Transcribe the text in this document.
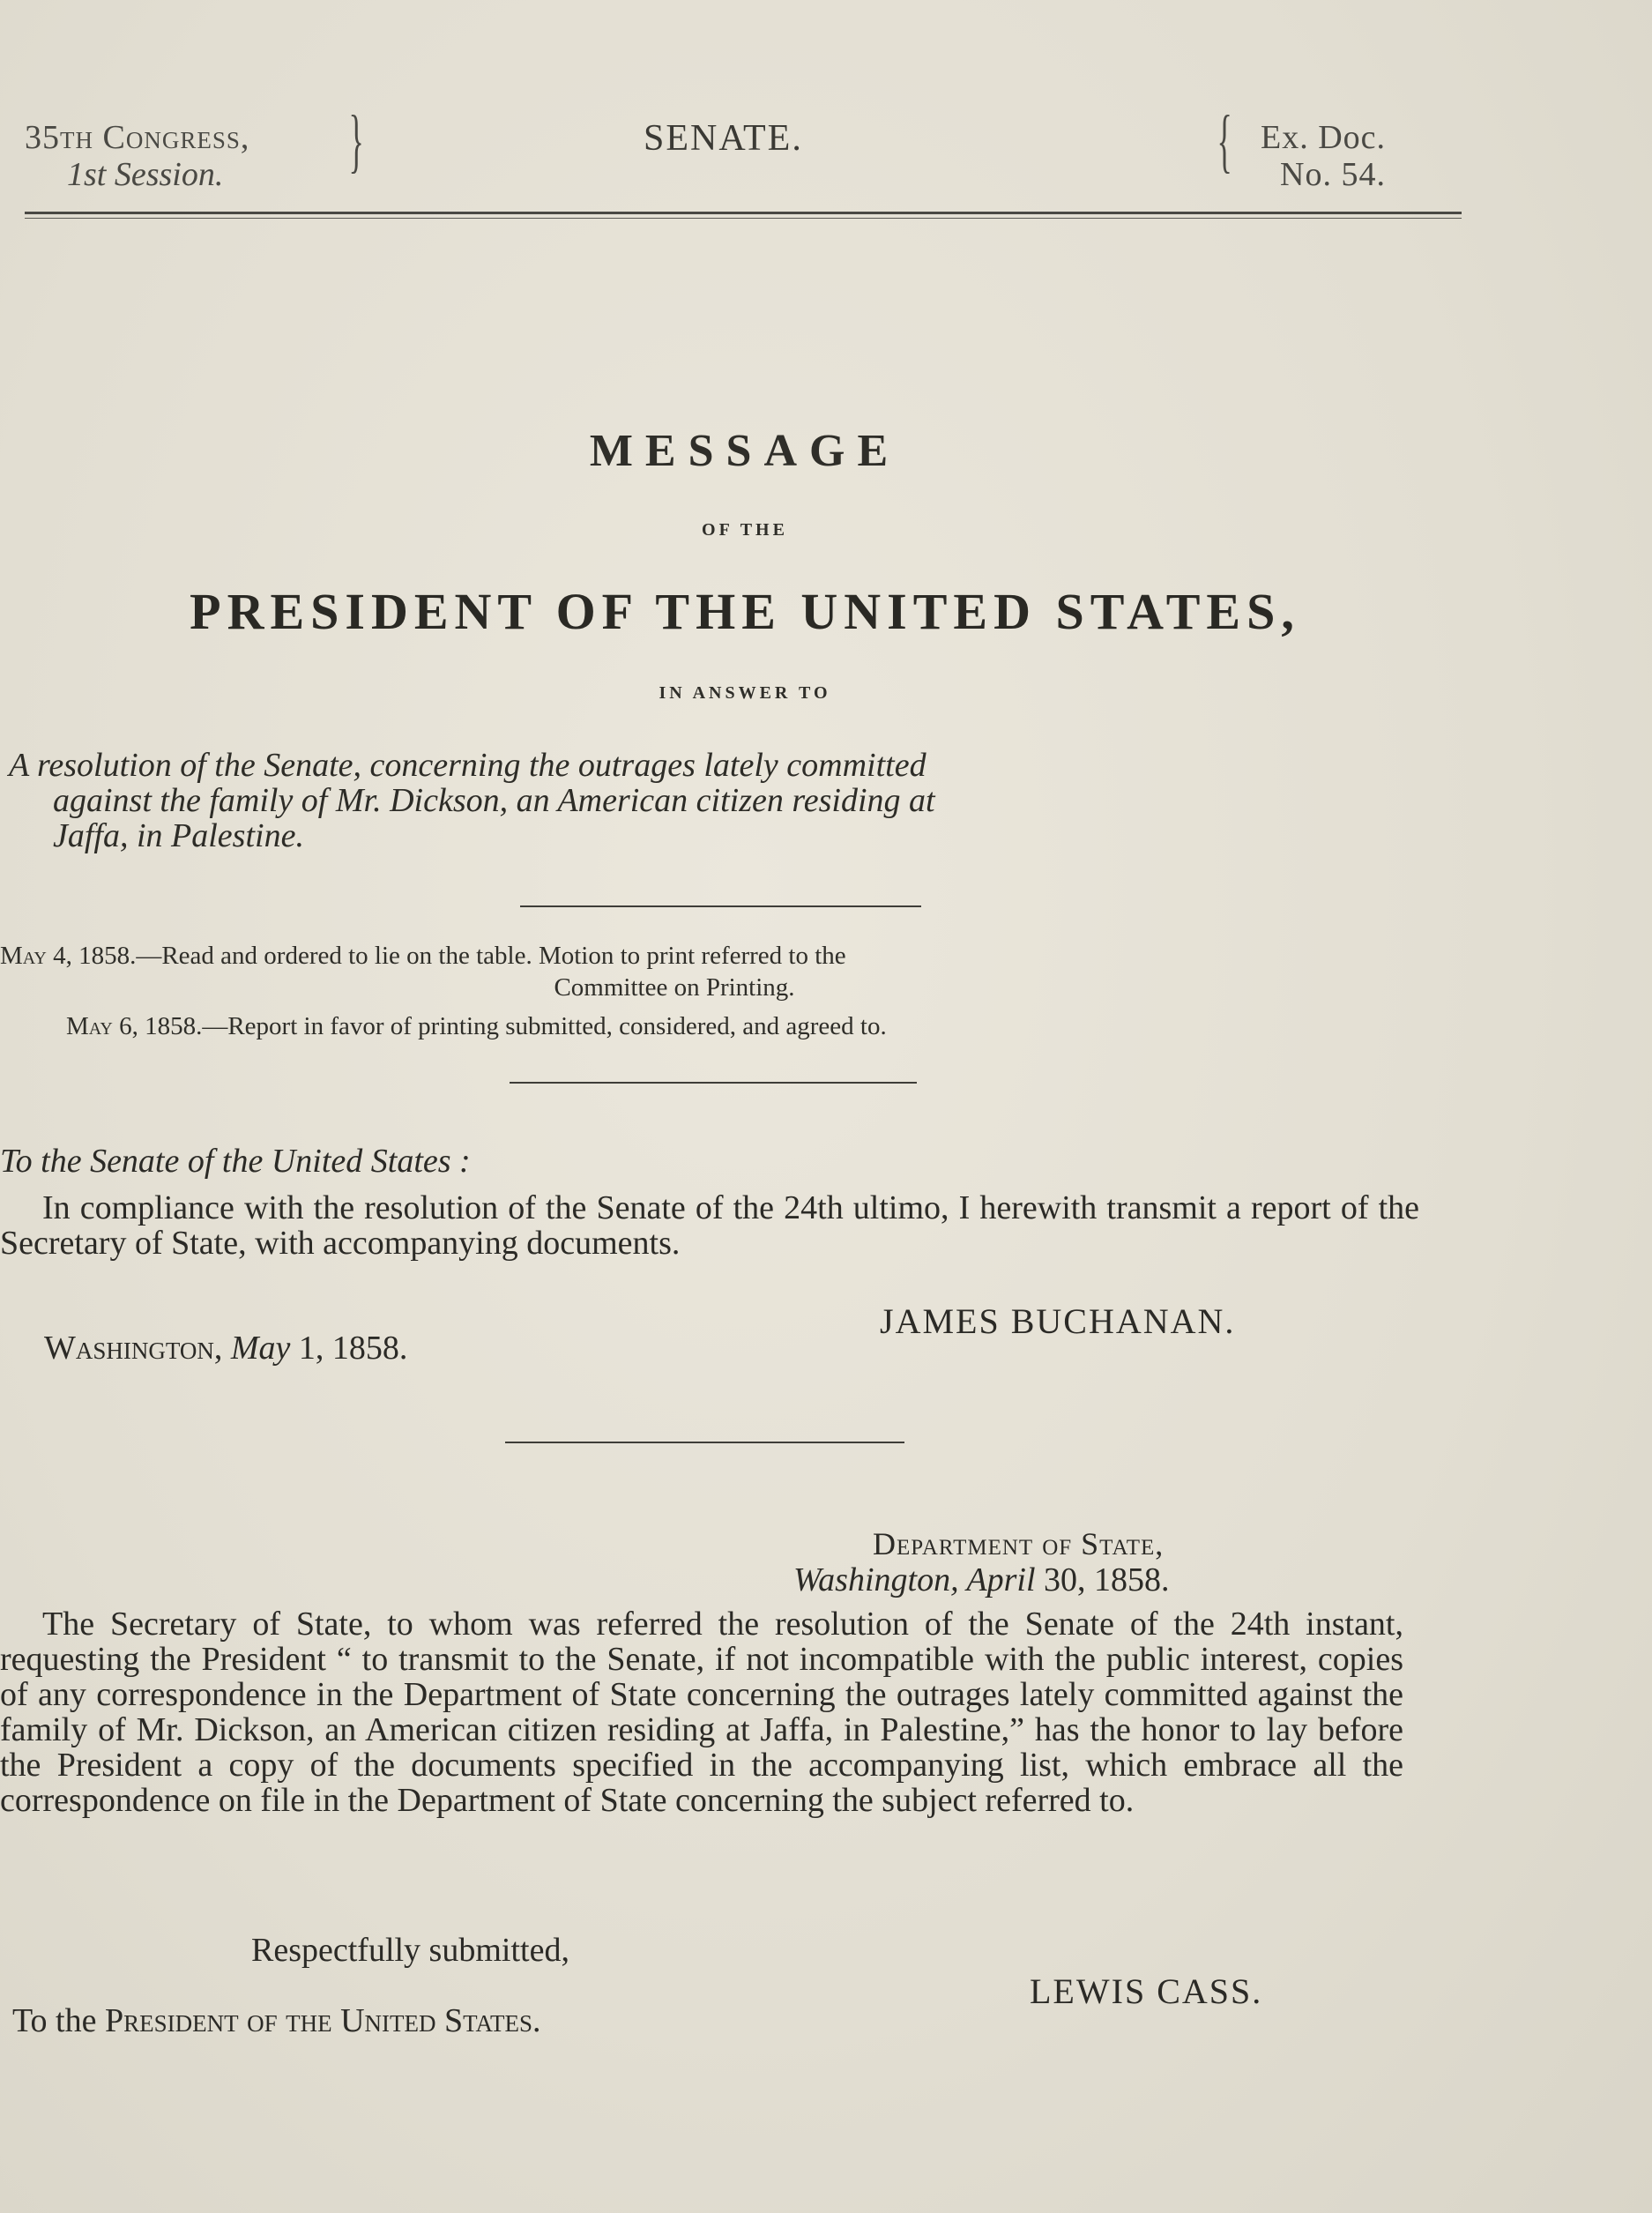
35th Congress,
1st Session.	}	SENATE.	{ Ex. Doc.
No. 54.
MESSAGE
OF THE
PRESIDENT OF THE UNITED STATES,
IN ANSWER TO
A resolution of the Senate, concerning the outrages lately committed
against the family of Mr. Dickson, an American citizen residing at
Jaffa, in Palestine.
May 4, 1858.—Read and ordered to lie on the table. Motion to print referred to the
Committee on Printing.
May 6, 1858.—Report in favor of printing submitted, considered, and agreed to.
To the Senate of the United States :
In compliance with the resolution of the Senate of the 24th ultimo, I herewith transmit a report of the Secretary of State, with accompanying documents.
JAMES BUCHANAN.
Washington, May 1, 1858.
Department of State,
Washington, April 30, 1858.
The Secretary of State, to whom was referred the resolution of the Senate of the 24th instant, requesting the President “ to transmit to the Senate, if not incompatible with the public interest, copies of any correspondence in the Department of State concerning the outrages lately committed against the family of Mr. Dickson, an American citizen residing at Jaffa, in Palestine,” has the honor to lay before the President a copy of the documents specified in the accompanying list, which embrace all the correspondence on file in the Department of State concerning the subject referred to.
Respectfully submitted,
LEWIS CASS.
To the President of the United States.
